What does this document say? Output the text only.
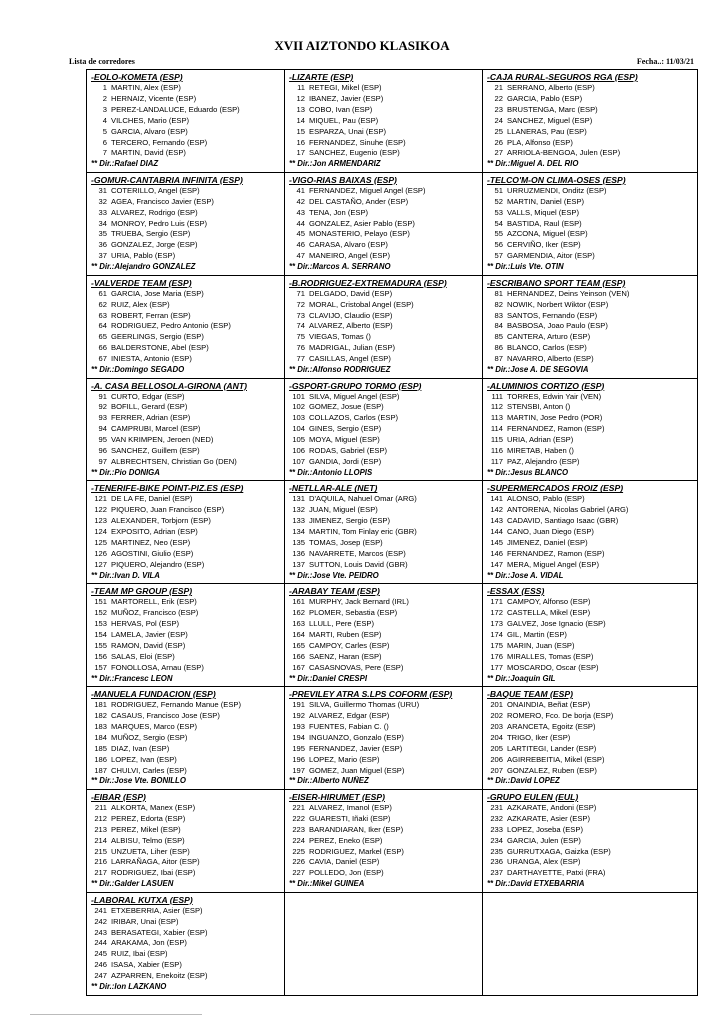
XVII AIZTONDO KLASIKOA
Lista de corredores	Fecha..: 11/03/21
-EOLO-KOMETA (ESP)
1 MARTIN, Alex (ESP)
2 HERNAIZ, Vicente (ESP)
3 PEREZ-LANDALUCE, Eduardo (ESP)
4 VILCHES, Mario (ESP)
5 GARCIA, Alvaro (ESP)
6 TERCERO, Fernando (ESP)
7 MARTIN, David (ESP)
** Dir.:Rafael DIAZ
-LIZARTE (ESP)
11 RETEGI, Mikel (ESP)
12 IBANEZ, Javier (ESP)
13 COBO, Ivan (ESP)
14 MIQUEL, Pau (ESP)
15 ESPARZA, Unai (ESP)
16 FERNANDEZ, Sinuhe (ESP)
17 SANCHEZ, Eugenio (ESP)
** Dir.:Jon ARMENDARIZ
-CAJA RURAL-SEGUROS RGA (ESP)
21 SERRANO, Alberto (ESP)
22 GARCIA, Pablo (ESP)
23 BRUSTENGA, Marc (ESP)
24 SANCHEZ, Miguel (ESP)
25 LLANERAS, Pau (ESP)
26 PLA, Alfonso (ESP)
27 ARRIOLA-BENGOA, Julen (ESP)
** Dir.:Miguel A. DEL RIO
-GOMUR-CANTABRIA INFINITA (ESP)
31 COTERILLO, Angel (ESP)
32 AGEA, Francisco Javier (ESP)
33 ALVAREZ, Rodrigo (ESP)
34 MONROY, Pedro Luis (ESP)
35 TRUEBA, Sergio (ESP)
36 GONZALEZ, Jorge (ESP)
37 URIA, Pablo (ESP)
** Dir.:Alejandro GONZALEZ
-VIGO-RIAS BAIXAS (ESP)
41 FERNANDEZ, Miguel Angel (ESP)
42 DEL CASTAÑO, Ander (ESP)
43 TENA, Jon (ESP)
44 GONZALEZ, Asier Pablo (ESP)
45 MONASTERIO, Pelayo (ESP)
46 CARASA, Alvaro (ESP)
47 MANEIRO, Angel (ESP)
** Dir.:Marcos A. SERRANO
-TELCO'M-ON CLIMA-OSES (ESP)
51 URRUZMENDI, Onditz (ESP)
52 MARTIN, Daniel (ESP)
53 VALLS, Miquel (ESP)
54 BASTIDA, Raul (ESP)
55 AZCONA, Miguel (ESP)
56 CERVIÑO, Iker (ESP)
57 GARMENDIA, Aitor (ESP)
** Dir.:Luis Vte. OTIN
-VALVERDE TEAM (ESP)
61 GARCIA, Jose Maria (ESP)
62 RUIZ, Alex (ESP)
63 ROBERT, Ferran (ESP)
64 RODRIGUEZ, Pedro Antonio (ESP)
65 GEERLINGS, Sergio (ESP)
66 BALDERSTONE, Abel (ESP)
67 INIESTA, Antonio (ESP)
** Dir.:Domingo SEGADO
-B.RODRIGUEZ-EXTREMADURA (ESP)
71 DELGADO, David (ESP)
72 MORAL, Cristobal Angel (ESP)
73 CLAVIJO, Claudio (ESP)
74 ALVAREZ, Alberto (ESP)
75 VIEGAS, Tomas ()
76 MADRIGAL, Julian (ESP)
77 CASILLAS, Angel (ESP)
** Dir.:Alfonso RODRIGUEZ
-ESCRIBANO SPORT TEAM (ESP)
81 HERNANDEZ, Deins Yeinson (VEN)
82 NOWIK, Norbert Wiktor (ESP)
83 SANTOS, Fernando (ESP)
84 BASBOSA, Joao Paulo (ESP)
85 CANTERA, Arturo (ESP)
86 BLANCO, Carlos (ESP)
87 NAVARRO, Alberto (ESP)
** Dir.:Jose A. DE SEGOVIA
-A. CASA BELLOSOLA-GIRONA (ANT)
91 CURTO, Edgar (ESP)
92 BOFILL, Gerard (ESP)
93 FERRER, Adrian (ESP)
94 CAMPRUBI, Marcel (ESP)
95 VAN KRIMPEN, Jeroen (NED)
96 SANCHEZ, Guillem (ESP)
97 ALBRECHTSEN, Christian Go (DEN)
** Dir.:Pio DONIGA
-GSPORT-GRUPO TORMO (ESP)
101 SILVA, Miguel Angel (ESP)
102 GOMEZ, Josue (ESP)
103 COLLAZOS, Carlos (ESP)
104 GINES, Sergio (ESP)
105 MOYA, Miguel (ESP)
106 RODAS, Gabriel (ESP)
107 GANDIA, Jordi (ESP)
** Dir.:Antonio LLOPIS
-ALUMINIOS CORTIZO (ESP)
111 TORRES, Edwin Yair (VEN)
112 STENSBI, Anton ()
113 MARTIN, Jose Pedro (POR)
114 FERNANDEZ, Ramon (ESP)
115 URIA, Adrian (ESP)
116 MIRETAB, Haben ()
117 PAZ, Alejandro (ESP)
** Dir.:Jesus BLANCO
-TENERIFE-BIKE POINT-PIZ.ES (ESP)
121 DE LA FE, Daniel (ESP)
122 PIQUERO, Juan Francisco (ESP)
123 ALEXANDER, Torbjorn (ESP)
124 EXPOSITO, Adrian (ESP)
125 MARTINEZ, Neo (ESP)
126 AGOSTINI, Giulio (ESP)
127 PIQUERO, Alejandro (ESP)
** Dir.:Ivan D. VILA
-NETLLAR-ALE (NET)
131 D'AQUILA, Nahuel Omar (ARG)
132 JUAN, Miguel (ESP)
133 JIMENEZ, Sergio (ESP)
134 MARTIN, Tom Finlay eric (GBR)
135 TOMAS, Josep (ESP)
136 NAVARRETE, Marcos (ESP)
137 SUTTON, Louis David (GBR)
** Dir.:Jose Vte. PEIDRO
-SUPERMERCADOS FROIZ (ESP)
141 ALONSO, Pablo (ESP)
142 ANTORENA, Nicolas Gabriel (ARG)
143 CADAVID, Santiago Isaac (GBR)
144 CANO, Juan Diego (ESP)
145 JIMENEZ, Daniel (ESP)
146 FERNANDEZ, Ramon (ESP)
147 MERA, Miguel Angel (ESP)
** Dir.:Jose A. VIDAL
-TEAM MP GROUP (ESP)
151 MARTORELL, Erik (ESP)
152 MUÑOZ, Francisco (ESP)
153 HERVAS, Pol (ESP)
154 LAMELA, Javier (ESP)
155 RAMON, David (ESP)
156 SALAS, Eloi (ESP)
157 FONOLLOSA, Arnau (ESP)
** Dir.:Francesc LEON
-ARABAY TEAM (ESP)
161 MURPHY, Jack Bernard (IRL)
162 PLOMER, Sebastia (ESP)
163 LLULL, Pere (ESP)
164 MARTI, Ruben (ESP)
165 CAMPOY, Carles (ESP)
166 SAENZ, Haran (ESP)
167 CASASNOVAS, Pere (ESP)
** Dir.:Daniel CRESPI
-ESSAX (ESS)
171 CAMPOY, Alfonso (ESP)
172 CASTELLA, Mikel (ESP)
173 GALVEZ, Jose Ignacio (ESP)
174 GIL, Martin (ESP)
175 MARIN, Juan (ESP)
176 MIRALLES, Tomas (ESP)
177 MOSCARDO, Oscar (ESP)
** Dir.:Joaquin GIL
-MANUELA FUNDACION (ESP)
181 RODRIGUEZ, Fernando Manue (ESP)
182 CASAUS, Francisco Jose (ESP)
183 MARQUES, Marco (ESP)
184 MUÑOZ, Sergio (ESP)
185 DIAZ, Ivan (ESP)
186 LOPEZ, Ivan (ESP)
187 CHULVI, Carles (ESP)
** Dir.:Jose Vte. BONILLO
-PREVILEY ATRA S.LPS COFORM (ESP)
191 SILVA, Guillermo Thomas (URU)
192 ALVAREZ, Edgar (ESP)
193 FUENTES, Fabian C. ()
194 INGUANZO, Gonzalo (ESP)
195 FERNANDEZ, Javier (ESP)
196 LOPEZ, Mario (ESP)
197 GOMEZ, Juan Miguel (ESP)
** Dir.:Alberto NUÑEZ
-BAQUE TEAM (ESP)
201 ONAINDIA, Beñat (ESP)
202 ROMERO, Fco. De borja (ESP)
203 ARANCETA, Egoitz (ESP)
204 TRIGO, Iker (ESP)
205 LARTITEGI, Lander (ESP)
206 AGIRREBEITIA, Mikel (ESP)
207 GONZALEZ, Ruben (ESP)
** Dir.:David LOPEZ
-EIBAR (ESP)
211 ALKORTA, Manex (ESP)
212 PEREZ, Edorta (ESP)
213 PEREZ, Mikel (ESP)
214 ALBISU, Telmo (ESP)
215 UNZUETA, Liher (ESP)
216 LARRAÑAGA, Aitor (ESP)
217 RODRIGUEZ, Ibai (ESP)
** Dir.:Galder LASUEN
-EISER-HIRUMET (ESP)
221 ALVAREZ, Imanol (ESP)
222 GUARESTI, Iñaki (ESP)
223 BARANDIARAN, Iker (ESP)
224 PEREZ, Eneko (ESP)
225 RODRIGUEZ, Markel (ESP)
226 CAVIA, Daniel (ESP)
227 POLLEDO, Jon (ESP)
** Dir.:Mikel GUINEA
-GRUPO EULEN (EUL)
231 AZKARATE, Andoni (ESP)
232 AZKARATE, Asier (ESP)
233 LOPEZ, Joseba (ESP)
234 GARCIA, Julen (ESP)
235 GURRUTXAGA, Gaizka (ESP)
236 URANGA, Alex (ESP)
237 DARTHAYETTE, Patxi (FRA)
** Dir.:David ETXEBARRIA
-LABORAL KUTXA (ESP)
241 ETXEBERRIA, Asier (ESP)
242 IRIBAR, Unai (ESP)
243 BERASATEGI, Xabier (ESP)
244 ARAKAMA, Jon (ESP)
245 RUIZ, Ibai (ESP)
246 ISASA, Xabier (ESP)
247 AZPARREN, Enekoitz (ESP)
** Dir.:Ion LAZKANO
